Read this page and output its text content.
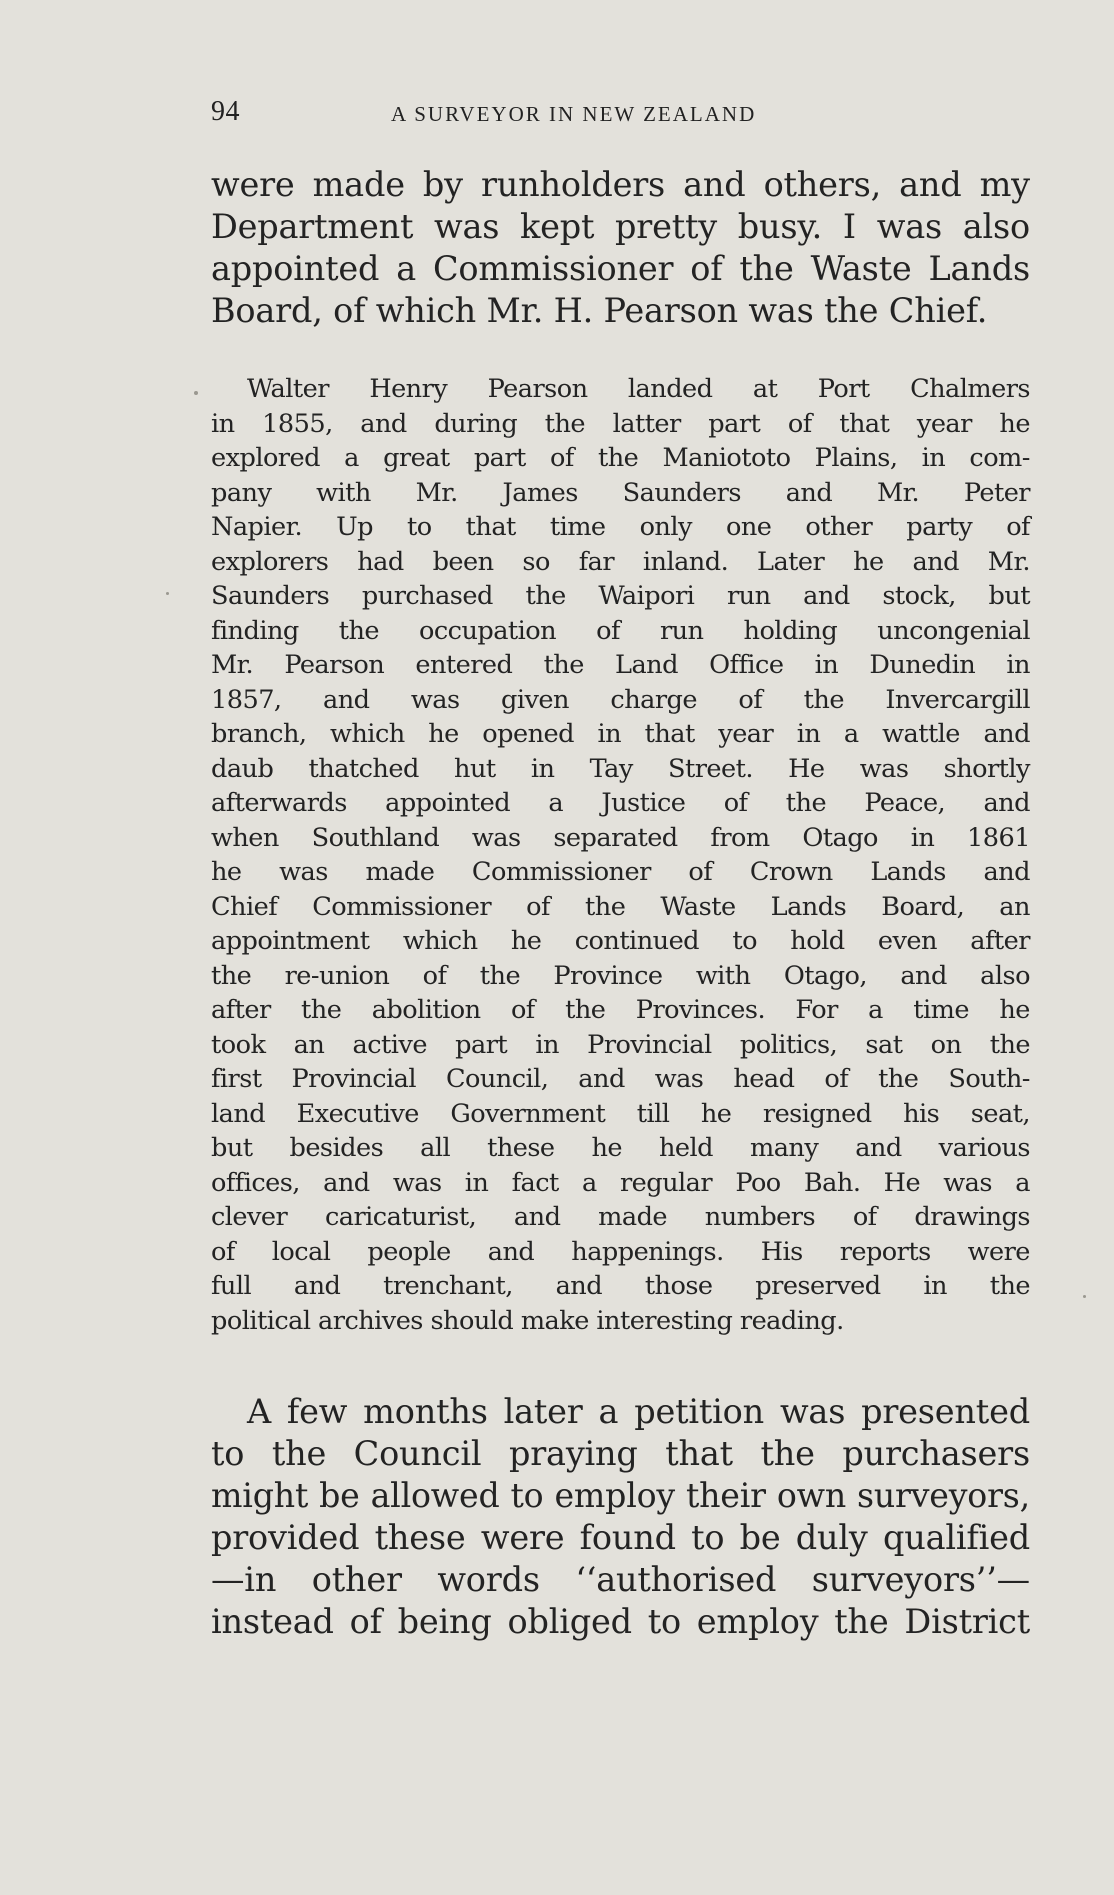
94	A SURVEYOR IN NEW ZEALAND
were made by runholders and others, and my
Department was kept pretty busy. I was also
appointed a Commissioner of the Waste Lands
Board, of which Mr. H. Pearson was the Chief.
Walter Henry Pearson landed at Port Chalmers
in 1855, and during the latter part of that year he
explored a great part of the Maniototo Plains, in com-
pany with Mr. James Saunders and Mr. Peter
Napier. Up to that time only one other party of
explorers had been so far inland. Later he and Mr.
Saunders purchased the Waipori run and stock, but
finding the occupation of run holding uncongenial
Mr. Pearson entered the Land Office in Dunedin in
1857, and was given charge of the Invercargill
branch, which he opened in that year in a wattle and
daub thatched hut in Tay Street. He was shortly
afterwards appointed a Justice of the Peace, and
when Southland was separated from Otago in 1861
he was made Commissioner of Crown Lands and
Chief Commissioner of the Waste Lands Board, an
appointment which he continued to hold even after
the re-union of the Province with Otago, and also
after the abolition of the Provinces. For a time he
took an active part in Provincial politics, sat on the
first Provincial Council, and was head of the South-
land Executive Government till he resigned his seat,
but besides all these he held many and various
offices, and was in fact a regular Poo Bah. He was a
clever caricaturist, and made numbers of drawings
of local people and happenings. His reports were
full and trenchant, and those preserved in the
political archives should make interesting reading.
A few months later a petition was presented
to the Council praying that the purchasers
might be allowed to employ their own surveyors,
provided these were found to be duly qualified
—in other words ‘‘authorised surveyors’’—
instead of being obliged to employ the District
